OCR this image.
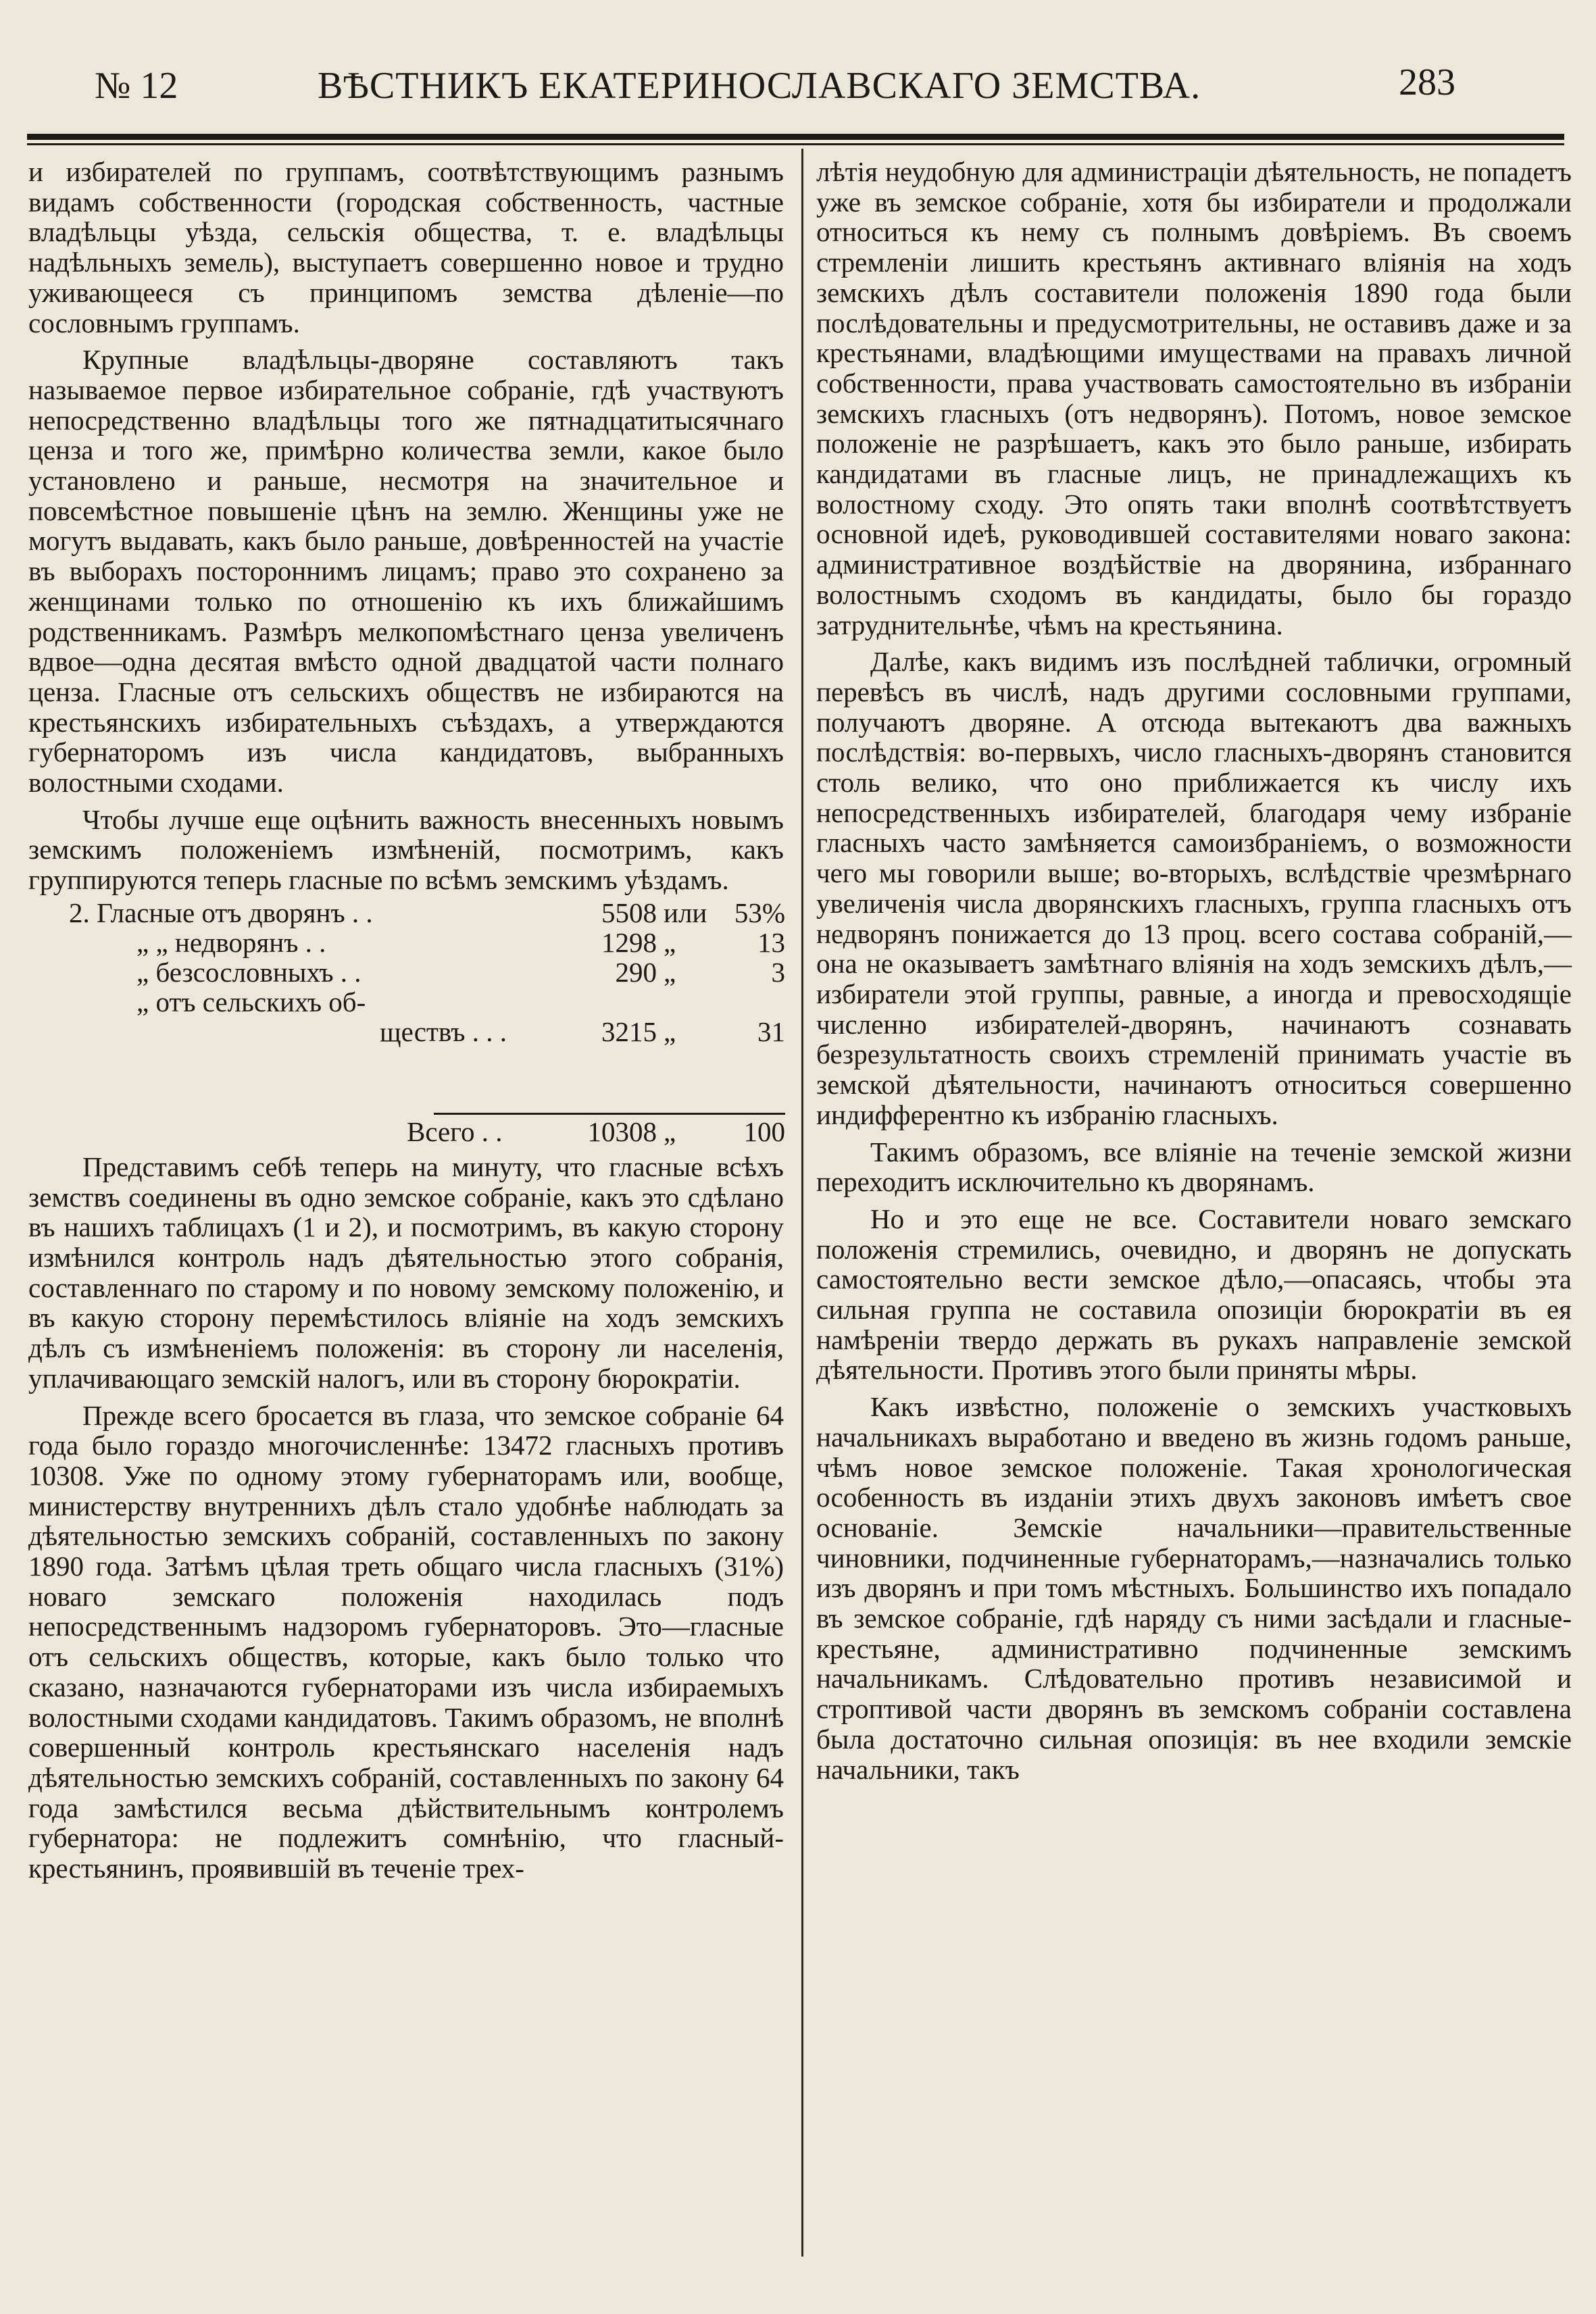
№ 12	ВѢСТНИКЪ ЕКАТЕРИНОСЛАВСКАГО ЗЕМСТВА.	283

и избирателей по группамъ, соотвѣтствующимъ разнымъ видамъ собственности (городская собственность, частные владѣльцы уѣзда, сельскія общества, т. е. владѣльцы надѣльныхъ земель), выступаетъ совершенно новое и трудно уживающееся съ принципомъ земства дѣленіе—по сословнымъ группамъ.

Крупные владѣльцы-дворяне составляютъ такъ называемое первое избирательное собраніе, гдѣ участвуютъ непосредственно владѣльцы того же пятнадцатитысячнаго ценза и того же, примѣрно количества земли, какое было установлено и раньше, несмотря на значительное и повсемѣстное повышеніе цѣнъ на землю. Женщины уже не могутъ выдавать, какъ было раньше, довѣренностей на участіе въ выборахъ постороннимъ лицамъ; право это сохранено за женщинами только по отношенію къ ихъ ближайшимъ родственникамъ. Размѣръ мелкопомѣстнаго ценза увеличенъ вдвое—одна десятая вмѣсто одной двадцатой части полнаго ценза. Гласные отъ сельскихъ обществъ не избираются на крестьянскихъ избирательныхъ съѣздахъ, а утверждаются губернаторомъ изъ числа кандидатовъ, выбранныхъ волостными сходами.

Чтобы лучше еще оцѣнить важность внесенныхъ новымъ земскимъ положеніемъ измѣненій, посмотримъ, какъ группируются теперь гласные по всѣмъ земскимъ уѣздамъ.

2. Гласные отъ дворянъ . .	5508 или 53%
„ „ недворянъ . .	1298 „	13
„ безсословныхъ . .	290 „	3
„ отъ сельскихъ об-
ществъ . . .	3215 „	31
Всего . .	10308 „	100

Представимъ себѣ теперь на минуту, что гласные всѣхъ земствъ соединены въ одно земское собраніе, какъ это сдѣлано въ нашихъ таблицахъ (1 и 2), и посмотримъ, въ какую сторону измѣнился контроль надъ дѣятельностью этого собранія, составленнаго по старому и по новому земскому положенію, и въ какую сторону перемѣстилось вліяніе на ходъ земскихъ дѣлъ съ измѣненіемъ положенія: въ сторону ли населенія, уплачивающаго земскій налогъ, или въ сторону бюрократіи.

Прежде всего бросается въ глаза, что земское собраніе 64 года было гораздо многочисленнѣе: 13472 гласныхъ противъ 10308. Уже по одному этому губернаторамъ или, вообще, министерству внутреннихъ дѣлъ стало удобнѣе наблюдать за дѣятельностью земскихъ собраній, составленныхъ по закону 1890 года. Затѣмъ цѣлая треть общаго числа гласныхъ (31%) новаго земскаго положенія находилась подъ непосредственнымъ надзоромъ губернаторовъ. Это—гласные отъ сельскихъ обществъ, которые, какъ было только что сказано, назначаются губернаторами изъ числа избираемыхъ волостными сходами кандидатовъ. Такимъ образомъ, не вполнѣ совершенный контроль крестьянскаго населенія надъ дѣятельностью земскихъ собраній, составленныхъ по закону 64 года замѣстился весьма дѣйствительнымъ контролемъ губернатора: не подлежитъ сомнѣнію, что гласный-крестьянинъ, проявившій въ теченіе трех-

лѣтія неудобную для администраціи дѣятельность, не попадетъ уже въ земское собраніе, хотя бы избиратели и продолжали относиться къ нему съ полнымъ довѣріемъ. Въ своемъ стремленіи лишить крестьянъ активнаго вліянія на ходъ земскихъ дѣлъ составители положенія 1890 года были послѣдовательны и предусмотрительны, не оставивъ даже и за крестьянами, владѣющими имуществами на правахъ личной собственности, права участвовать самостоятельно въ избраніи земскихъ гласныхъ (отъ недворянъ). Потомъ, новое земское положеніе не разрѣшаетъ, какъ это было раньше, избирать кандидатами въ гласные лицъ, не принадлежащихъ къ волостному сходу. Это опять таки вполнѣ соотвѣтствуетъ основной идеѣ, руководившей составителями новаго закона: административное воздѣйствіе на дворянина, избраннаго волостнымъ сходомъ въ кандидаты, было бы гораздо затруднительнѣе, чѣмъ на крестьянина.

Далѣе, какъ видимъ изъ послѣдней таблички, огромный перевѣсъ въ числѣ, надъ другими сословными группами, получаютъ дворяне. А отсюда вытекаютъ два важныхъ послѣдствія: во-первыхъ, число гласныхъ-дворянъ становится столь велико, что оно приближается къ числу ихъ непосредственныхъ избирателей, благодаря чему избраніе гласныхъ часто замѣняется самоизбраніемъ, о возможности чего мы говорили выше; во-вторыхъ, вслѣдствіе чрезмѣрнаго увеличенія числа дворянскихъ гласныхъ, группа гласныхъ отъ недворянъ понижается до 13 проц. всего состава собраній,—она не оказываетъ замѣтнаго вліянія на ходъ земскихъ дѣлъ,—избиратели этой группы, равные, а иногда и превосходящіе численно избирателей-дворянъ, начинаютъ сознавать безрезультатность своихъ стремленій принимать участіе въ земской дѣятельности, начинаютъ относиться совершенно индифферентно къ избранію гласныхъ.

Такимъ образомъ, все вліяніе на теченіе земской жизни переходитъ исключительно къ дворянамъ.

Но и это еще не все. Составители новаго земскаго положенія стремились, очевидно, и дворянъ не допускать самостоятельно вести земское дѣло,—опасаясь, чтобы эта сильная группа не составила опозиціи бюрократіи въ ея намѣреніи твердо держать въ рукахъ направленіе земской дѣятельности. Противъ этого были приняты мѣры.

Какъ извѣстно, положеніе о земскихъ участковыхъ начальникахъ выработано и введено въ жизнь годомъ раньше, чѣмъ новое земское положеніе. Такая хронологическая особенность въ изданіи этихъ двухъ законовъ имѣетъ свое основаніе. Земскіе начальники—правительственные чиновники, подчиненные губернаторамъ,—назначались только изъ дворянъ и при томъ мѣстныхъ. Большинство ихъ попадало въ земское собраніе, гдѣ наряду съ ними засѣдали и гласные-крестьяне, административно подчиненные земскимъ начальникамъ. Слѣдовательно противъ независимой и строптивой части дворянъ въ земскомъ собраніи составлена была достаточно сильная опозиція: въ нее входили земскіе начальники, такъ
